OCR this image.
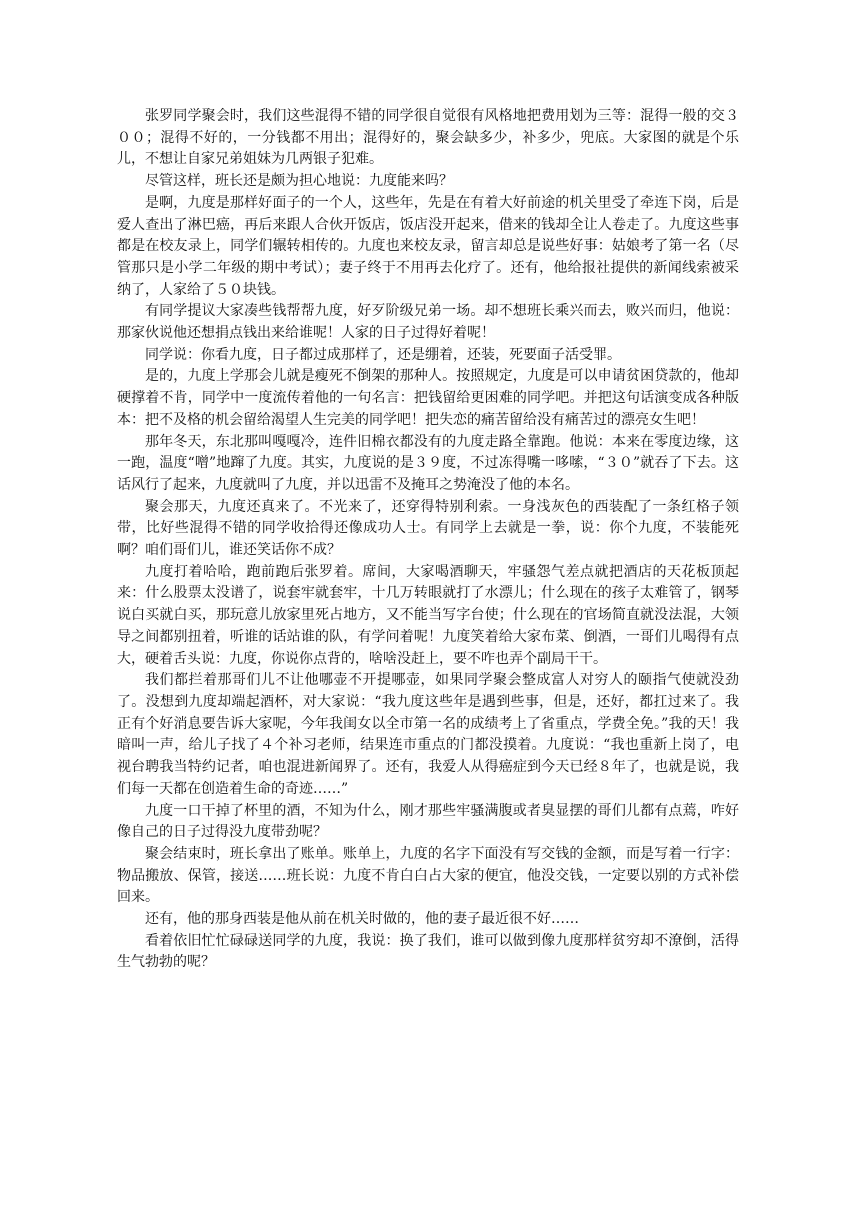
张罗同学聚会时，我们这些混得不错的同学很自觉很有风格地把费用划为三等：混得一般的交３００；混得不好的，一分钱都不用出；混得好的，聚会缺多少，补多少，兜底。大家图的就是个乐儿，不想让自家兄弟姐妹为几两银子犯难。

尽管这样，班长还是颇为担心地说：九度能来吗？

是啊，九度是那样好面子的一个人，这些年，先是在有着大好前途的机关里受了牵连下岗，后是爱人查出了淋巴癌，再后来跟人合伙开饭店，饭店没开起来，借来的钱却全让人卷走了。九度这些事都是在校友录上，同学们辗转相传的。九度也来校友录，留言却总是说些好事：姑娘考了第一名（尽管那只是小学二年级的期中考试）；妻子终于不用再去化疗了。还有，他给报社提供的新闻线索被采纳了，人家给了５０块钱。

有同学提议大家凑些钱帮帮九度，好歹阶级兄弟一场。却不想班长乘兴而去，败兴而归，他说：那家伙说他还想捐点钱出来给谁呢！人家的日子过得好着呢！

同学说：你看九度，日子都过成那样了，还是绷着，还装，死要面子活受罪。

是的，九度上学那会儿就是瘦死不倒架的那种人。按照规定，九度是可以申请贫困贷款的，他却硬撑着不肯，同学中一度流传着他的一句名言：把钱留给更困难的同学吧。并把这句话演变成各种版本：把不及格的机会留给渴望人生完美的同学吧！把失恋的痛苦留给没有痛苦过的漂亮女生吧！

那年冬天，东北那叫嘎嘎冷，连件旧棉衣都没有的九度走路全靠跑。他说：本来在零度边缘，这一跑，温度“噌”地蹿了九度。其实，九度说的是３９度，不过冻得嘴一哆嗦，“３０”就吞了下去。这话风行了起来，九度就叫了九度，并以迅雷不及掩耳之势淹没了他的本名。

聚会那天，九度还真来了。不光来了，还穿得特别利索。一身浅灰色的西装配了一条红格子领带，比好些混得不错的同学收拾得还像成功人士。有同学上去就是一拳，说：你个九度，不装能死啊？咱们哥们儿，谁还笑话你不成？

九度打着哈哈，跑前跑后张罗着。席间，大家喝酒聊天，牢骚怨气差点就把酒店的天花板顶起来：什么股票太没谱了，说套牢就套牢，十几万转眼就打了水漂儿；什么现在的孩子太难管了，钢琴说白买就白买，那玩意儿放家里死占地方，又不能当写字台使；什么现在的官场简直就没法混，大领导之间都别扭着，听谁的话站谁的队，有学问着呢！九度笑着给大家布菜、倒酒，一哥们儿喝得有点大，硬着舌头说：九度，你说你点背的，啥啥没赶上，要不咋也弄个副局干干。

我们都拦着那哥们儿不让他哪壶不开提哪壶，如果同学聚会整成富人对穷人的颐指气使就没劲了。没想到九度却端起酒杯，对大家说：“我九度这些年是遇到些事，但是，还好，都扛过来了。我正有个好消息要告诉大家呢，今年我闺女以全市第一名的成绩考上了省重点，学费全免。”我的天！我暗叫一声，给儿子找了４个补习老师，结果连市重点的门都没摸着。九度说：“我也重新上岗了，电视台聘我当特约记者，咱也混进新闻界了。还有，我爱人从得癌症到今天已经８年了，也就是说，我们每一天都在创造着生命的奇迹……”

九度一口干掉了杯里的酒，不知为什么，刚才那些牢骚满腹或者臭显摆的哥们儿都有点蔫，咋好像自己的日子过得没九度带劲呢？

聚会结束时，班长拿出了账单。账单上，九度的名字下面没有写交钱的金额，而是写着一行字：物品搬放、保管，接送……班长说：九度不肯白白占大家的便宜，他没交钱，一定要以别的方式补偿回来。

还有，他的那身西装是他从前在机关时做的，他的妻子最近很不好……

看着依旧忙忙碌碌送同学的九度，我说：换了我们，谁可以做到像九度那样贫穷却不潦倒，活得生气勃勃的呢？
